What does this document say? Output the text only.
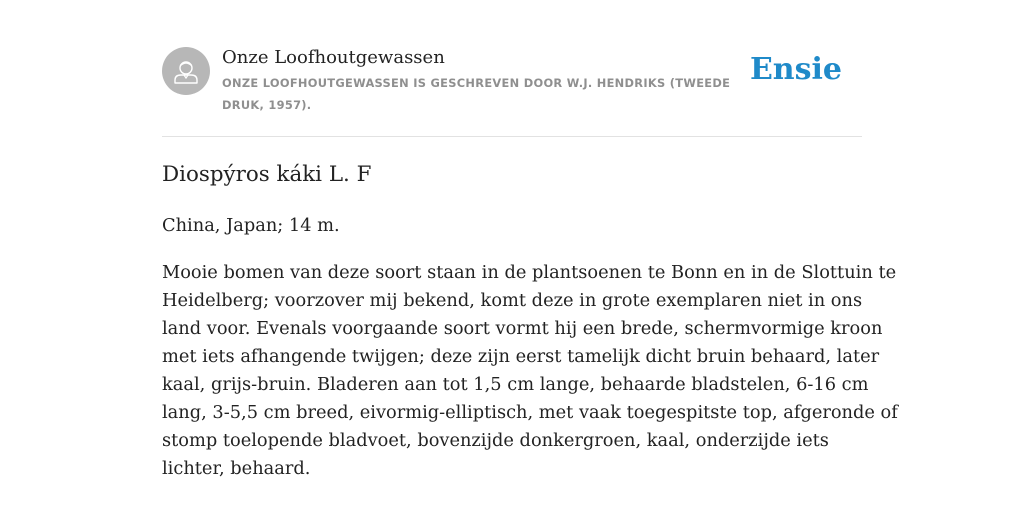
Onze Loofhoutgewassen
ONZE LOOFHOUTGEWASSEN IS GESCHREVEN DOOR W.J. HENDRIKS (TWEEDE DRUK, 1957).
Ensie
Diospýros káki L. F

China, Japan; 14 m.

Mooie bomen van deze soort staan in de plantsoenen te Bonn en in de Slottuin te
Heidelberg; voorzover mij bekend, komt deze in grote exemplaren niet in ons
land voor. Evenals voorgaande soort vormt hij een brede, schermvormige kroon
met iets afhangende twijgen; deze zijn eerst tamelijk dicht bruin behaard, later
kaal, grijs-bruin. Bladeren aan tot 1,5 cm lange, behaarde bladstelen, 6-16 cm
lang, 3-5,5 cm breed, eivormig-elliptisch, met vaak toegespitste top, afgeronde of
stomp toelopende bladvoet, bovenzijde donkergroen, kaal, onderzijde iets
lichter, behaard.
